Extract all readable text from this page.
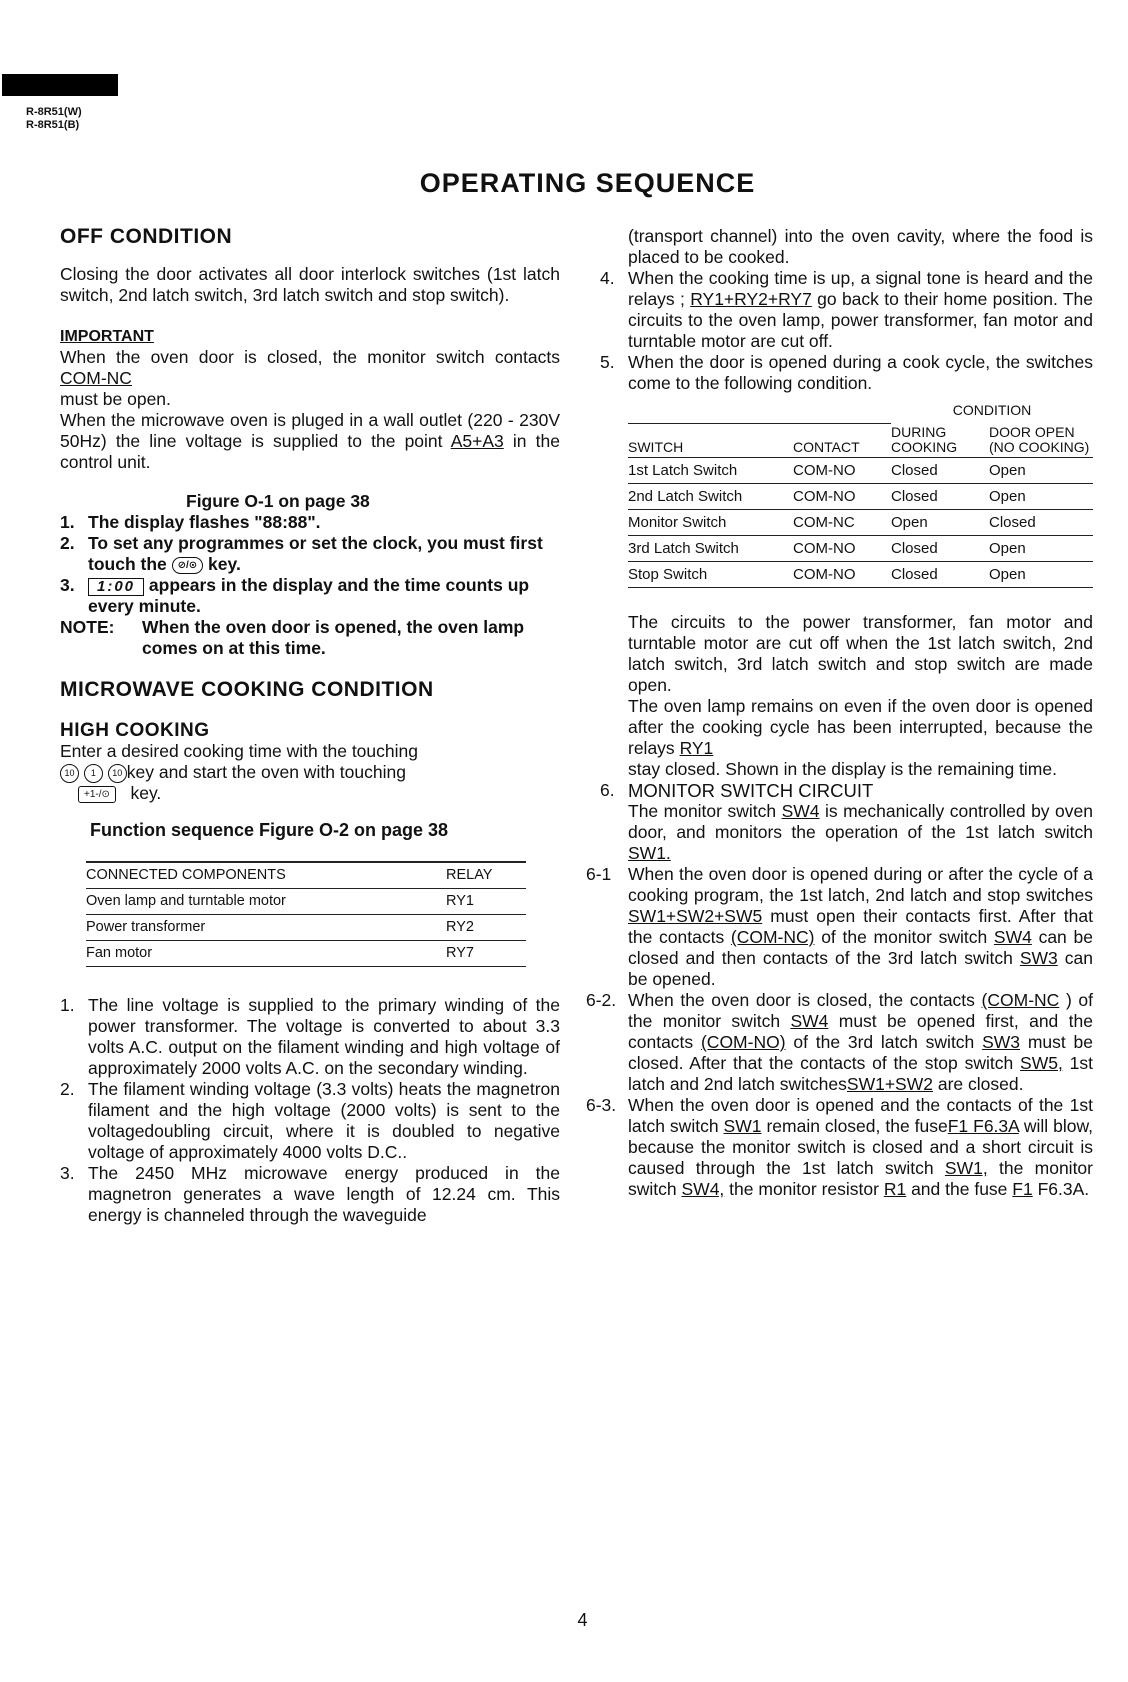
R-8R51(W)
R-8R51(B)
OPERATING SEQUENCE

OFF CONDITION

Closing the door activates all door interlock switches (1st latch switch, 2nd latch switch, 3rd latch switch and stop switch).

IMPORTANT

When the oven door is closed, the monitor switch contacts COM-NC

must be open.

When the microwave oven is pluged in a wall outlet (220 - 230V 50Hz) the line voltage is supplied to the point A5+A3 in the control unit.

Figure O-1 on page 38

1. The display flashes "88:88".
2. To set any programmes or set the clock, you must first touch the ⊘/⊙ key.
3.	1:00 appears in the display and the time counts up every minute.
NOTE:	When the oven door is opened, the oven lamp comes on at this time.

MICROWAVE COOKING CONDITION

HIGH COOKING

Enter a desired cooking time with the touching

10 1 10 key and start the oven with touching

+1-/⊙ key.

Function sequence Figure O-2 on page 38

CONNECTED COMPONENTS	RELAY
Oven lamp and turntable motor	RY1
Power transformer	RY2
Fan motor	RY7
1. The line voltage is supplied to the primary winding of the power transformer. The voltage is converted to about 3.3 volts A.C. output on the filament winding and high voltage of approximately 2000 volts A.C. on the secondary winding.
2. The filament winding voltage (3.3 volts) heats the magnetron filament and the high voltage (2000 volts) is sent to the voltagedoubling circuit, where it is doubled to negative voltage of approximately 4000 volts D.C..
3. The 2450 MHz microwave energy produced in the magnetron generates a wave length of 12.24 cm. This energy is channeled through the waveguide

(transport channel) into the oven cavity, where the food is placed to be cooked.

4. When the cooking time is up, a signal tone is heard and the relays ; RY1+RY2+RY7 go back to their home position. The circuits to the oven lamp, power transformer, fan motor and turntable motor are cut off.
5. When the door is opened during a cook cycle, the switches come to the following condition.
		CONDITION	
SWITCH	CONTACT	DURING COOKING	DOOR OPEN (NO COOKING)
1st Latch Switch	COM-NO	Closed	Open
2nd Latch Switch	COM-NO	Closed	Open
Monitor Switch	COM-NC	Open	Closed
3rd Latch Switch	COM-NO	Closed	Open
Stop Switch	COM-NO	Closed	Open

The circuits to the power transformer, fan motor and turntable motor are cut off when the 1st latch switch, 2nd latch switch, 3rd latch switch and stop switch are made open.

The oven lamp remains on even if the oven door is opened after the cooking cycle has been interrupted, because the relays RY1

stay closed. Shown in the display is the remaining time.

6. MONITOR SWITCH CIRCUIT

The monitor switch SW4 is mechanically controlled by oven door, and monitors the operation of the 1st latch switch SW1.

6-1 When the oven door is opened during or after the cycle of a cooking program, the 1st latch, 2nd latch and stop switches SW1+SW2+SW5 must open their contacts first. After that the contacts (COM-NC) of the monitor switch SW4 can be closed and then contacts of the 3rd latch switch SW3 can be opened.
6-2. When the oven door is closed, the contacts (COM-NC ) of the monitor switch SW4 must be opened first, and the contacts (COM-NO) of the 3rd latch switch SW3 must be closed. After that the contacts of the stop switch SW5, 1st latch and 2nd latch switchesSW1+SW2 are closed.
6-3. When the oven door is opened and the contacts of the 1st latch switch SW1 remain closed, the fuseF1 F6.3A will blow, because the monitor switch is closed and a short circuit is caused through the 1st latch switch SW1, the monitor switch SW4, the monitor resistor R1 and the fuse F1 F6.3A.
4
